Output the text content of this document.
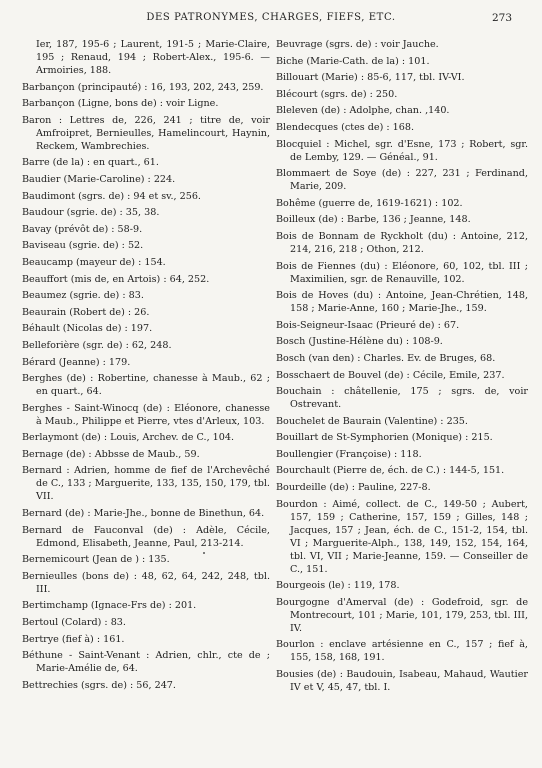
DES PATRONYMES, CHARGES, FIEFS, ETC.	273

Ier, 187, 195-6 ; Laurent, 191-5 ; Marie-Claire, 195 ; Renaud, 194 ; Robert-Alex., 195-6. — Armoiries, 188.

Barbançon (principauté) : 16, 193, 202, 243, 259.

Barbançon (Ligne, bons de) : voir Ligne.

Baron : Lettres de, 226, 241 ; titre de, voir Amfroipret, Bernieulles, Hamelincourt, Haynin, Reckem, Wambrechies.

Barre (de la) : en quart., 61.

Baudier (Marie-Caroline) : 224.

Baudimont (sgrs. de) : 94 et sv., 256.

Baudour (sgrie. de) : 35, 38.

Bavay (prévôt de) : 58-9.

Baviseau (sgrie. de) : 52.

Beaucamp (mayeur de) : 154.

Beauffort (mis de, en Artois) : 64, 252.

Beaumez (sgrie. de) : 83.

Beaurain (Robert de) : 26.

Béhault (Nicolas de) : 197.

Belleforière (sgr. de) : 62, 248.

Bérard (Jeanne) : 179.

Berghes (de) : Robertine, chanesse à Maub., 62 ; en quart., 64.

Berghes - Saint-Winocq (de) : Eléonore, chanesse à Maub., Philippe et Pierre, vtes d'Arleux, 103.

Berlaymont (de) : Louis, Archev. de C., 104.

Bernage (de) : Abbsse de Maub., 59.

Bernard : Adrien, homme de fief de l'Archevêché de C., 133 ; Marguerite, 133, 135, 150, 179, tbl. VII.

Bernard (de) : Marie-Jhe., bonne de Binethun, 64.

Bernard de Fauconval (de) : Adèle, Cécile, Edmond, Elisabeth, Jeanne, Paul, 213-214.

Bernemicourt (Jean de ) : 135.

Bernieulles (bons de) : 48, 62, 64, 242, 248, tbl. III.

Bertimchamp (Ignace-Frs de) : 201.

Bertoul (Colard) : 83.

Bertrye (fief à) : 161.

Béthune - Saint-Venant : Adrien, chlr., cte de ; Marie-Amélie de, 64.

Bettrechies (sgrs. de) : 56, 247.

Beuvrage (sgrs. de) : voir Jauche.

Biche (Marie-Cath. de la) : 101.

Billouart (Marie) : 85-6, 117, tbl. IV-VI.

Blécourt (sgrs. de) : 250.

Bleleven (de) : Adolphe, chan. ,140.

Blendecques (ctes de) : 168.

Blocquiel : Michel, sgr. d'Esne, 173 ; Robert, sgr. de Lemby, 129. — Généal., 91.

Blommaert de Soye (de) : 227, 231 ; Ferdinand, Marie, 209.

Bohême (guerre de, 1619-1621) : 102.

Boilleux (de) : Barbe, 136 ; Jeanne, 148.

Bois de Bonnam de Ryckholt (du) : Antoine, 212, 214, 216, 218 ; Othon, 212.

Bois de Fiennes (du) : Eléonore, 60, 102, tbl. III ; Maximilien, sgr. de Renauville, 102.

Bois de Hoves (du) : Antoine, Jean-Chrétien, 148, 158 ; Marie-Anne, 160 ; Marie-Jhe., 159.

Bois-Seigneur-Isaac (Prieuré de) : 67.

Bosch (Justine-Hélène du) : 108-9.

Bosch (van den) : Charles. Ev. de Bruges, 68.

Bosschaert de Bouvel (de) : Cécile, Emile, 237.

Bouchain : châtellenie, 175 ; sgrs. de, voir Ostrevant.

Bouchelet de Baurain (Valentine) : 235.

Bouillart de St-Symphorien (Monique) : 215.

Boullengier (Françoise) : 118.

Bourchault (Pierre de, éch. de C.) : 144-5, 151.

Bourdeille (de) : Pauline, 227-8.

Bourdon : Aimé, collect. de C., 149-50 ; Aubert, 157, 159 ; Catherine, 157, 159 ; Gilles, 148 ; Jacques, 157 ; Jean, éch. de C., 151-2, 154, tbl. VI ; Marguerite-Alph., 138, 149, 152, 154, 164, tbl. VI, VII ; Marie-Jeanne, 159. — Conseiller de C., 151.

Bourgeois (le) : 119, 178.

Bourgogne d'Amerval (de) : Godefroid, sgr. de Montrecourt, 101 ; Marie, 101, 179, 253, tbl. III, IV.

Bourlon : enclave artésienne en C., 157 ; fief à, 155, 158, 168, 191.

Bousies (de) : Baudouin, Isabeau, Mahaud, Wautier IV et V, 45, 47, tbl. I.
